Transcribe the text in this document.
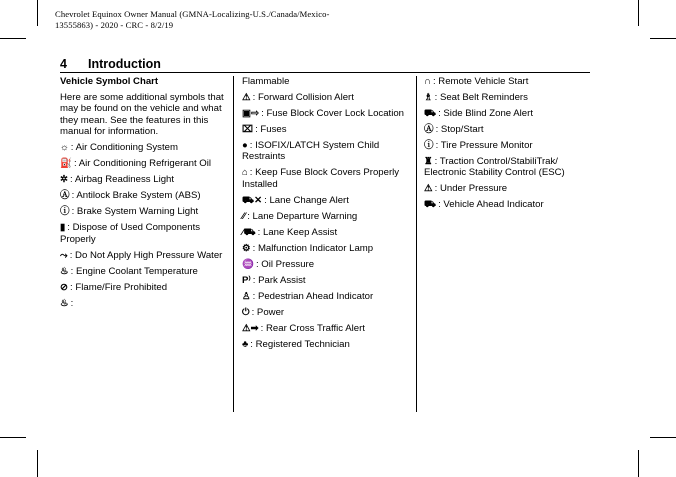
Chevrolet Equinox Owner Manual (GMNA-Localizing-U.S./Canada/Mexico-
13555863) - 2020 - CRC - 8/2/19
4 Introduction
Vehicle Symbol Chart
Here are some additional symbols that may be found on the vehicle and what they mean. See the features in this manual for information.
☼ : Air Conditioning System
⛽ : Air Conditioning Refrigerant Oil
✲ : Airbag Readiness Light
Ⓐ : Antilock Brake System (ABS)
ⓘ : Brake System Warning Light
▮ : Dispose of Used Components Properly
⤳ : Do Not Apply High Pressure Water
♨ : Engine Coolant Temperature
⊘ : Flame/Fire Prohibited
♨ :
Flammable
⚠ : Forward Collision Alert
▣⇨ : Fuse Block Cover Lock Location
⌧ : Fuses
● : ISOFIX/LATCH System Child Restraints
⌂ : Keep Fuse Block Covers Properly Installed
⛟✕ : Lane Change Alert
⁄⁄ : Lane Departure Warning
⁄⛟ : Lane Keep Assist
⚙ : Malfunction Indicator Lamp
♒ : Oil Pressure
P⁾ : Park Assist
♙ : Pedestrian Ahead Indicator
⏻ : Power
⚠➡ : Rear Cross Traffic Alert
♣ : Registered Technician
∩ : Remote Vehicle Start
♗ : Seat Belt Reminders
⛟ : Side Blind Zone Alert
Ⓐ : Stop/Start
ⓘ : Tire Pressure Monitor
♜ : Traction Control/StabiliTrak/ Electronic Stability Control (ESC)
⚠ : Under Pressure
⛟ : Vehicle Ahead Indicator
